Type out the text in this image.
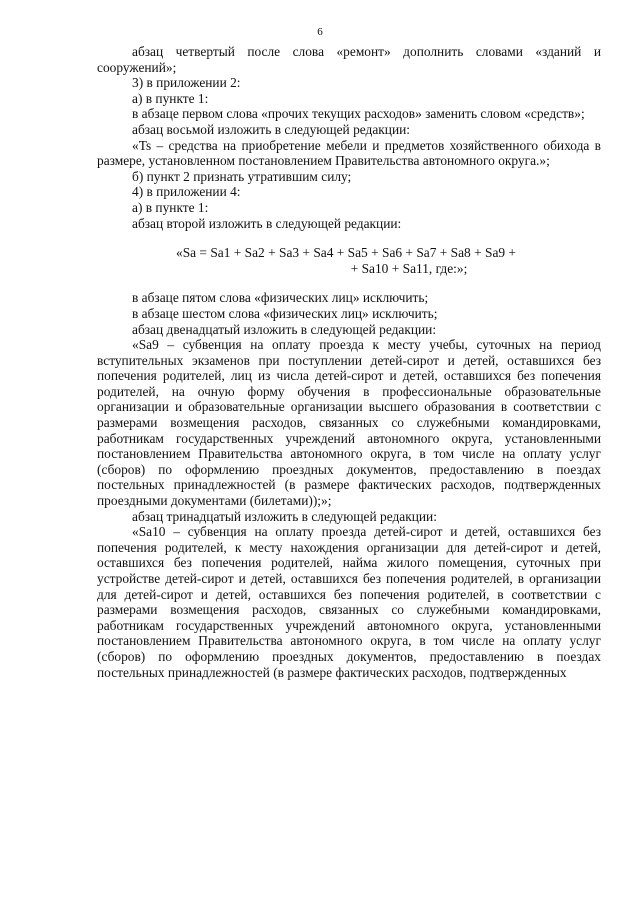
6

абзац четвертый после слова «ремонт» дополнить словами «зданий и сооружений»;

3) в приложении 2:

а) в пункте 1:

в абзаце первом слова «прочих текущих расходов» заменить словом «средств»;

абзац восьмой изложить в следующей редакции:

«Ts – средства на приобретение мебели и предметов хозяйственного обихода в размере, установленном постановлением Правительства автономного округа.»;

б) пункт 2 признать утратившим силу;

4) в приложении 4:

а) в пункте 1:

абзац второй изложить в следующей редакции:

«Sa = Sa1 + Sa2 + Sa3 + Sa4 + Sa5 + Sa6 + Sa7 + Sa8 + Sa9 +
+ Sa10 + Sa11, где:»;

в абзаце пятом слова «физических лиц» исключить;

в абзаце шестом слова «физических лиц» исключить;

абзац двенадцатый изложить в следующей редакции:

«Sa9 – субвенция на оплату проезда к месту учебы, суточных на период вступительных экзаменов при поступлении детей-сирот и детей, оставшихся без попечения родителей, лиц из числа детей-сирот и детей, оставшихся без попечения родителей, на очную форму обучения в профессиональные образовательные организации и образовательные организации высшего образования в соответствии с размерами возмещения расходов, связанных со служебными командировками, работникам государственных учреждений автономного округа, установленными постановлением Правительства автономного округа, в том числе на оплату услуг (сборов) по оформлению проездных документов, предоставлению в поездах постельных принадлежностей (в размере фактических расходов, подтвержденных проездными документами (билетами));»;

абзац тринадцатый изложить в следующей редакции:

«Sa10 – субвенция на оплату проезда детей-сирот и детей, оставшихся без попечения родителей, к месту нахождения организации для детей-сирот и детей, оставшихся без попечения родителей, найма жилого помещения, суточных при устройстве детей-сирот и детей, оставшихся без попечения родителей, в организации для детей-сирот и детей, оставшихся без попечения родителей, в соответствии с размерами возмещения расходов, связанных со служебными командировками, работникам государственных учреждений автономного округа, установленными постановлением Правительства автономного округа, в том числе на оплату услуг (сборов) по оформлению проездных документов, предоставлению в поездах постельных принадлежностей (в размере фактических расходов, подтвержденных
